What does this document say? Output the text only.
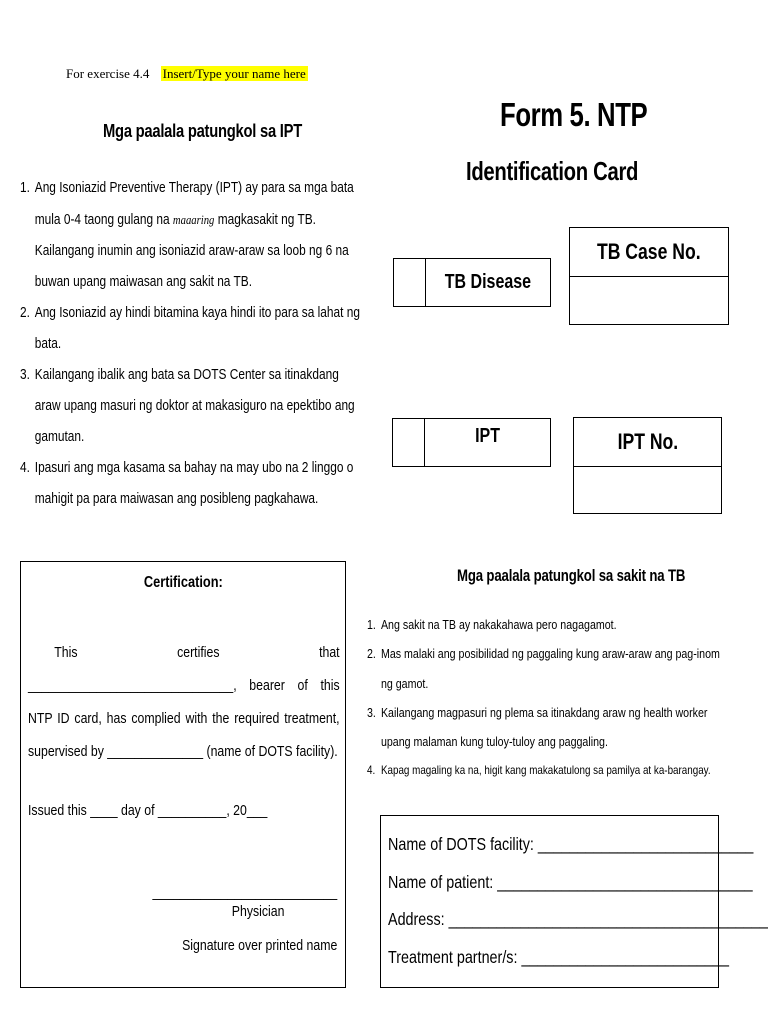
For exercise 4.4 Insert/Type your name here
Mga paalala patungkol sa IPT
1. Ang Isoniazid Preventive Therapy (IPT) ay para sa mga bata mula 0-4 taong gulang na maaaring magkasakit ng TB. Kailangang inumin ang isoniazid araw-araw sa loob ng 6 na buwan upang maiwasan ang sakit na TB.
2. Ang Isoniazid ay hindi bitamina kaya hindi ito para sa lahat ng bata.
3. Kailangang ibalik ang bata sa DOTS Center sa itinakdang araw upang masuri ng doktor at makasiguro na epektibo ang gamutan.
4. Ipasuri ang mga kasama sa bahay na may ubo na 2 linggo o mahigit pa para maiwasan ang posibleng pagkahawa.
Form 5. NTP
Identification Card
TB Disease
TB Case No.
IPT	IPT No.
Certification:
This certifies that ______________________________, bearer of this NTP ID card, has complied with the required treatment, supervised by ______________ (name of DOTS facility).
Issued this ____ day of __________, 20___
___________________________
Physician
Signature over printed name
Mga paalala patungkol sa sakit na TB
1. Ang sakit na TB ay nakakahawa pero nagagamot.
2. Mas malaki ang posibilidad ng paggaling kung araw-araw ang pag-inom ng gamot.
3. Kailangang magpasuri ng plema sa itinakdang araw ng health worker upang malaman kung tuloy-tuloy ang paggaling.
4. Kapag magaling ka na, higit kang makakatulong sa pamilya at ka-barangay.
Name of DOTS facility: ___________________________
Name of patient: ________________________________
Address: ________________________________________
Treatment partner/s: __________________________
